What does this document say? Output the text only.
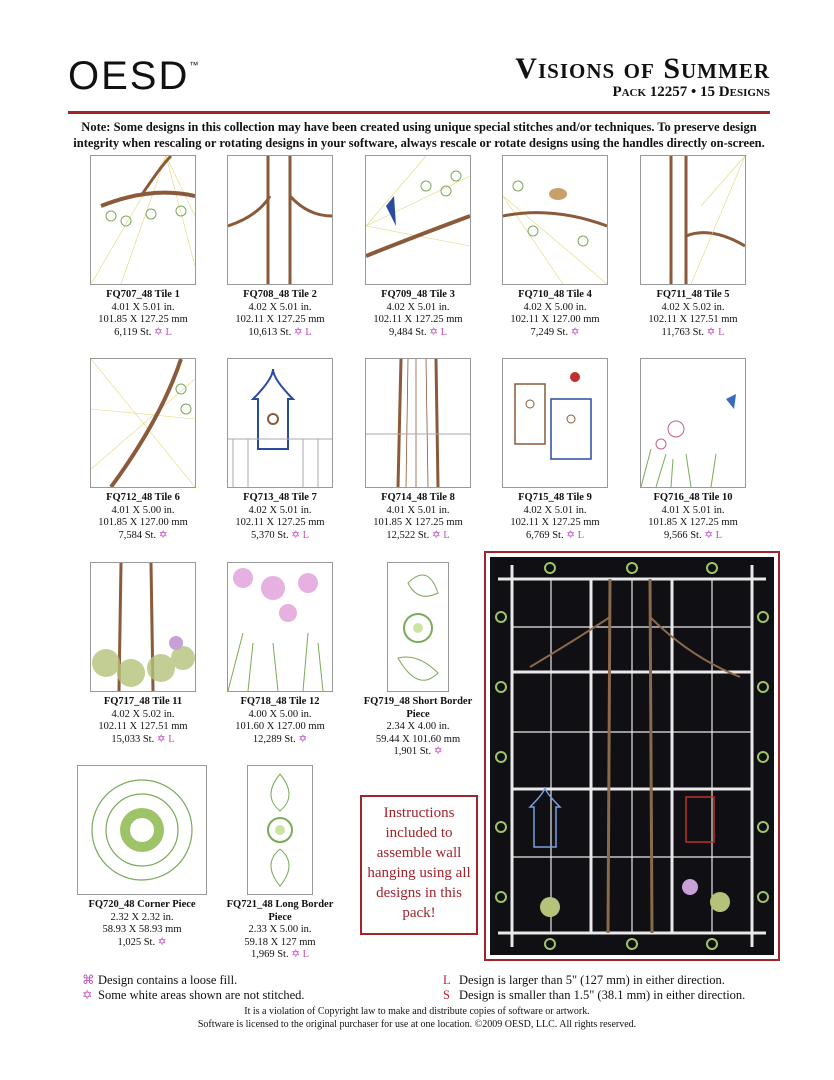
OESD™	Visions of Summer
Pack 12257 • 15 Designs
Note: Some designs in this collection may have been created using unique special stitches and/or techniques. To preserve design integrity when rescaling or rotating designs in your software, always rescale or rotate designs using the handles directly on-screen.
FQ707_48 Tile 1
4.01 X 5.01 in.
101.85 X 127.25 mm
6,119 St. ✡ L
FQ708_48 Tile 2
4.02 X 5.01 in.
102.11 X 127.25 mm
10,613 St. ✡ L
FQ709_48 Tile 3
4.02 X 5.01 in.
102.11 X 127.25 mm
9,484 St. ✡ L
FQ710_48 Tile 4
4.02 X 5.00 in.
102.11 X 127.00 mm
7,249 St. ✡
FQ711_48 Tile 5
4.02 X 5.02 in.
102.11 X 127.51 mm
11,763 St. ✡ L
FQ712_48 Tile 6
4.01 X 5.00 in.
101.85 X 127.00 mm
7,584 St. ✡
FQ713_48 Tile 7
4.02 X 5.01 in.
102.11 X 127.25 mm
5,370 St. ✡ L
FQ714_48 Tile 8
4.01 X 5.01 in.
101.85 X 127.25 mm
12,522 St. ✡ L
FQ715_48 Tile 9
4.02 X 5.01 in.
102.11 X 127.25 mm
6,769 St. ✡ L
FQ716_48 Tile 10
4.01 X 5.01 in.
101.85 X 127.25 mm
9,566 St. ✡ L
FQ717_48 Tile 11
4.02 X 5.02 in.
102.11 X 127.51 mm
15,033 St. ✡ L
FQ718_48 Tile 12
4.00 X 5.00 in.
101.60 X 127.00 mm
12,289 St. ✡
FQ719_48 Short Border Piece
2.34 X 4.00 in.
59.44 X 101.60 mm
1,901 St. ✡
FQ720_48 Corner Piece
2.32 X 2.32 in.
58.93 X 58.93 mm
1,025 St. ✡
FQ721_48 Long Border Piece
2.33 X 5.00 in.
59.18 X 127 mm
1,969 St. ✡ L
Instructions included to assemble wall hanging using all designs in this pack!
⌘ Design contains a loose fill.
✡ Some white areas shown are not stitched.
L Design is larger than 5" (127 mm) in either direction.
S Design is smaller than 1.5" (38.1 mm) in either direction.
It is a violation of Copyright law to make and distribute copies of software or artwork.
Software is licensed to the original purchaser for use at one location. ©2009 OESD, LLC. All rights reserved.
